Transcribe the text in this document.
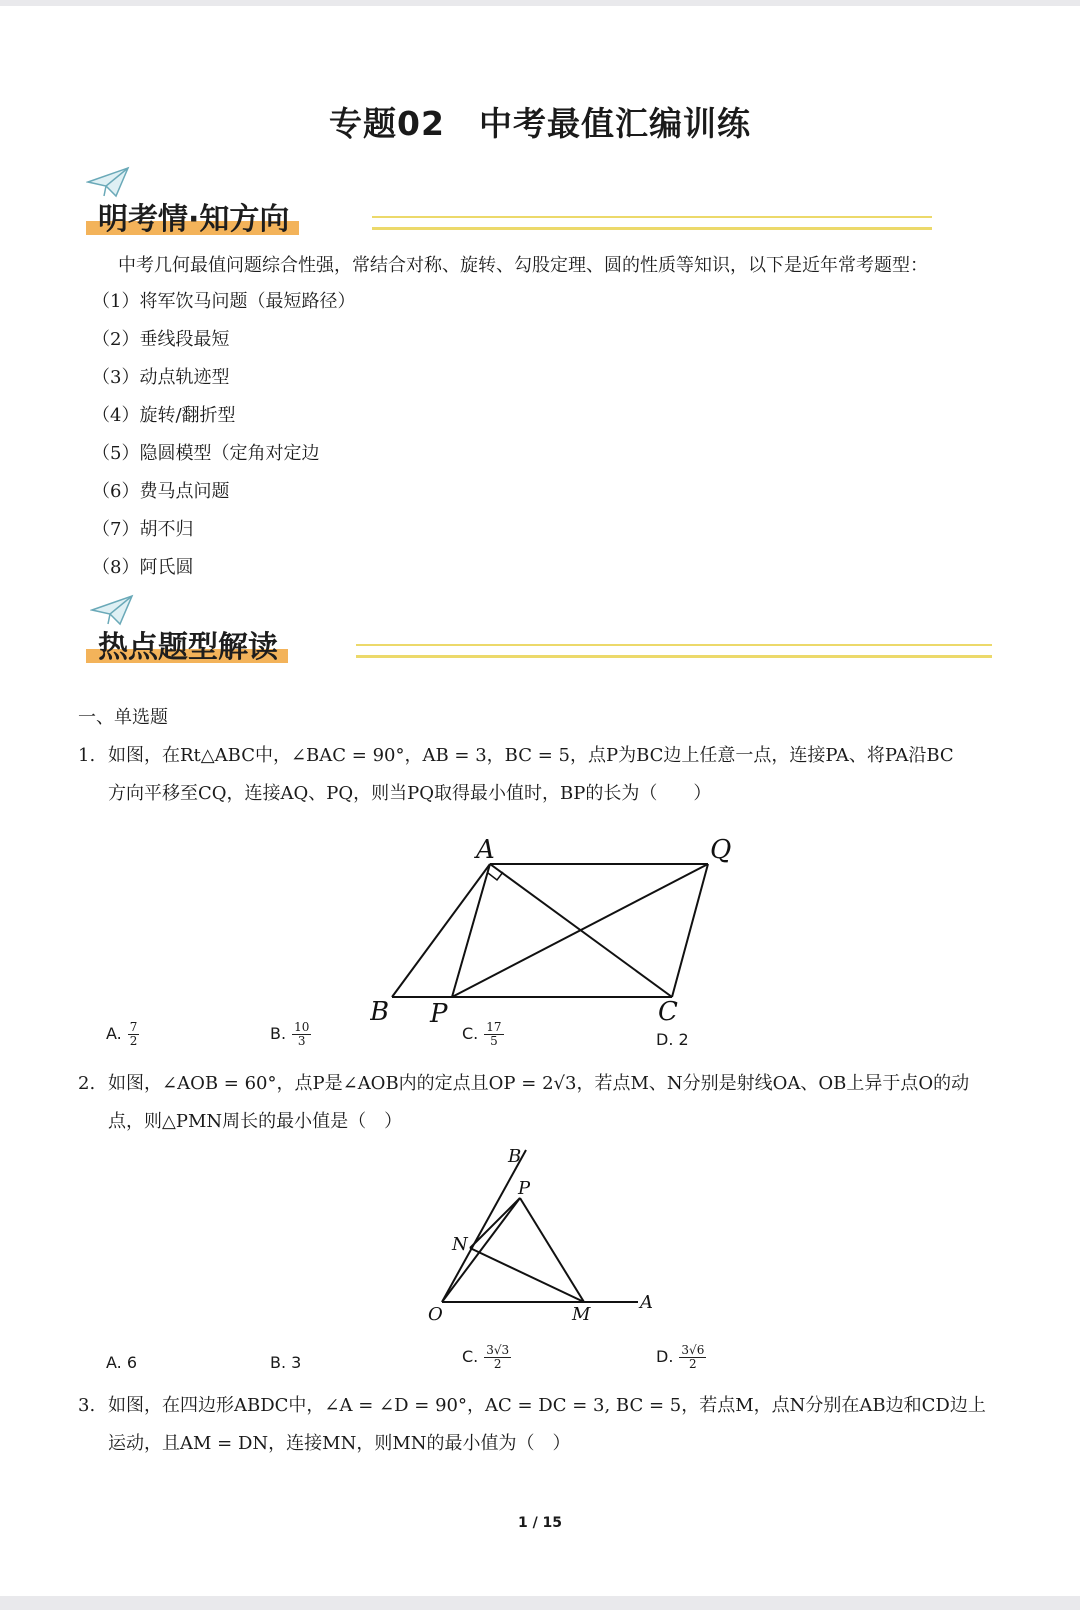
专题02　中考最值汇编训练
明考情·知方向
中考几何最值问题综合性强，常结合对称、旋转、勾股定理、圆的性质等知识，以下是近年常考题型：
（1）将军饮马问题（最短路径）
（2）垂线段最短
（3）动点轨迹型
（4）旋转/翻折型
（5）隐圆模型（定角对定边
（6）费马点问题
（7）胡不归
（8）阿氏圆
热点题型解读
一、单选题
1. 如图，在Rt△ABC中，∠BAC = 90°，AB = 3，BC = 5，点P为BC边上任意一点，连接PA、将PA沿BC
方向平移至CQ，连接AQ、PQ，则当PQ取得最小值时，BP的长为（　　）
A	Q
B P	C
A. $\frac{7}{2}$	B. $\frac{10}{3}$	C. $\frac{17}{5}$	D. 2
2. 如图，∠AOB = 60°，点P是∠AOB内的定点且OP = 2√3，若点M、N分别是射线OA、OB上异于点O的动
点，则△PMN周长的最小值是（　）
B
P
N
O	M
A
A. 6	B. 3	C. $\frac{3√3}{2}$	D. $\frac{3√6}{2}$
3. 如图，在四边形ABDC中，∠A = ∠D = 90°，AC = DC = 3, BC = 5，若点M，点N分别在AB边和CD边上
运动，且AM = DN，连接MN，则MN的最小值为（　）
1 / 15
